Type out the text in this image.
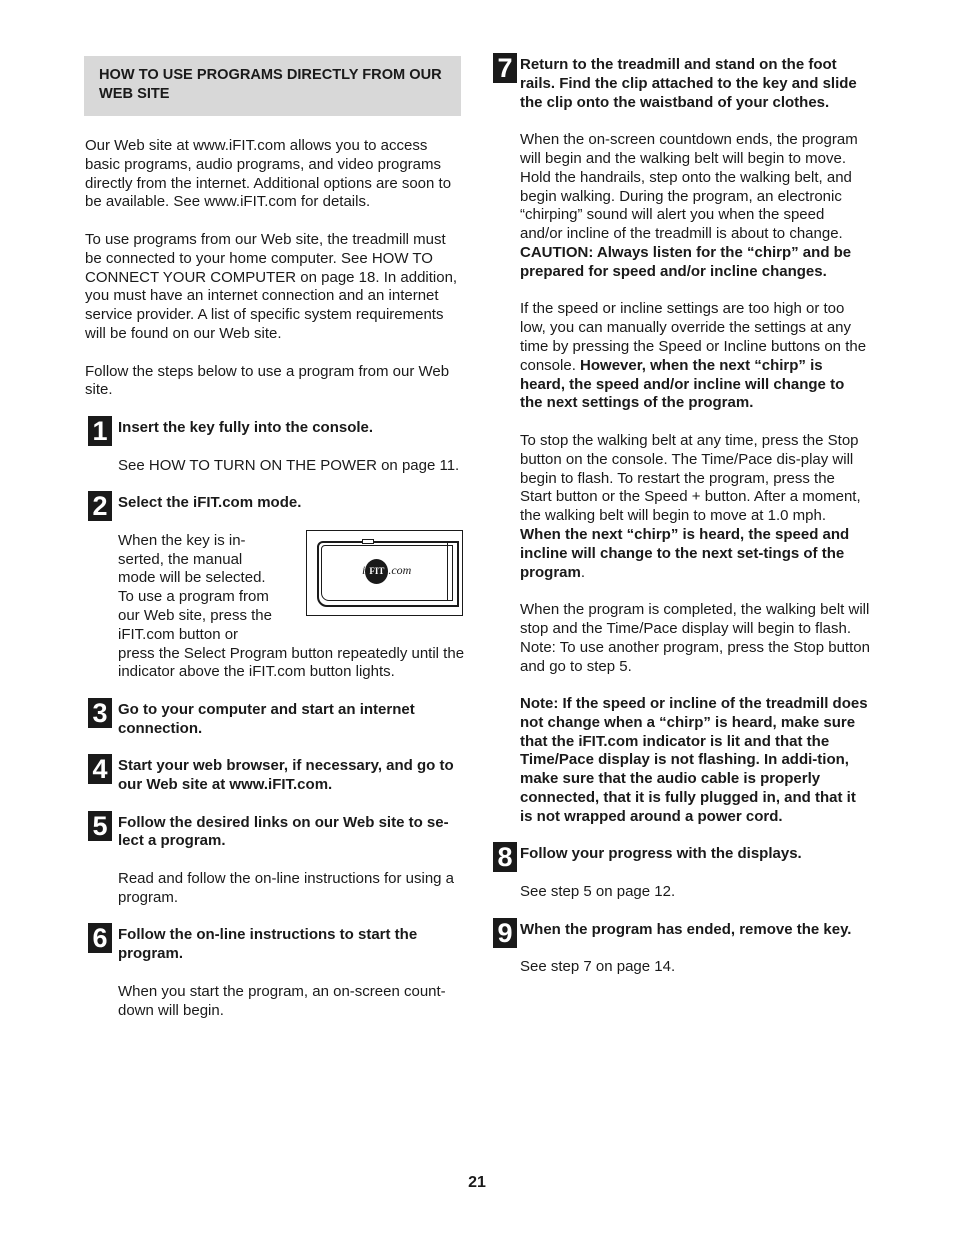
HOW TO USE PROGRAMS DIRECTLY FROM OUR WEB SITE

Our Web site at www.iFIT.com allows you to access basic programs, audio programs, and video programs directly from the internet. Additional options are soon to be available. See www.iFIT.com for details.

To use programs from our Web site, the treadmill must be connected to your home computer. See HOW TO CONNECT YOUR COMPUTER on page 18. In addition, you must have an internet connection and an internet service provider. A list of specific system requirements will be found on our Web site.

Follow the steps below to use a program from our Web site.

1 Insert the key fully into the console.

See HOW TO TURN ON THE POWER on page 11.

2 Select the iFIT.com mode.

When the key is in-

serted, the manual

mode will be selected.

To use a program from

our Web site, press the

iFIT.com button or

press the Select Program button repeatedly until the indicator above the iFIT.com button lights.

i FIT .com
3 Go to your computer and start an internet connection.

4 Start your web browser, if necessary, and go to our Web site at www.iFIT.com.

5 Follow the desired links on our Web site to se-lect a program.

Read and follow the on-line instructions for using a program.

6 Follow the on-line instructions to start the program.

When you start the program, an on-screen count-down will begin.

7 Return to the treadmill and stand on the foot rails. Find the clip attached to the key and slide the clip onto the waistband of your clothes.

When the on-screen countdown ends, the program will begin and the walking belt will begin to move. Hold the handrails, step onto the walking belt, and begin walking. During the program, an electronic “chirping” sound will alert you when the speed and/or incline of the treadmill is about to change. CAUTION: Always listen for the “chirp” and be prepared for speed and/or incline changes.

If the speed or incline settings are too high or too low, you can manually override the settings at any time by pressing the Speed or Incline buttons on the console. However, when the next “chirp” is heard, the speed and/or incline will change to the next settings of the program.

To stop the walking belt at any time, press the Stop button on the console. The Time/Pace dis-play will begin to flash. To restart the program, press the Start button or the Speed + button. After a moment, the walking belt will begin to move at 1.0 mph. When the next “chirp” is heard, the speed and incline will change to the next set-tings of the program.

When the program is completed, the walking belt will stop and the Time/Pace display will begin to flash. Note: To use another program, press the Stop button and go to step 5.

Note: If the speed or incline of the treadmill does not change when a “chirp” is heard, make sure that the iFIT.com indicator is lit and that the Time/Pace display is not flashing. In addi-tion, make sure that the audio cable is properly connected, that it is fully plugged in, and that it is not wrapped around a power cord.

8 Follow your progress with the displays.

See step 5 on page 12.

9 When the program has ended, remove the key.

See step 7 on page 14.

21
